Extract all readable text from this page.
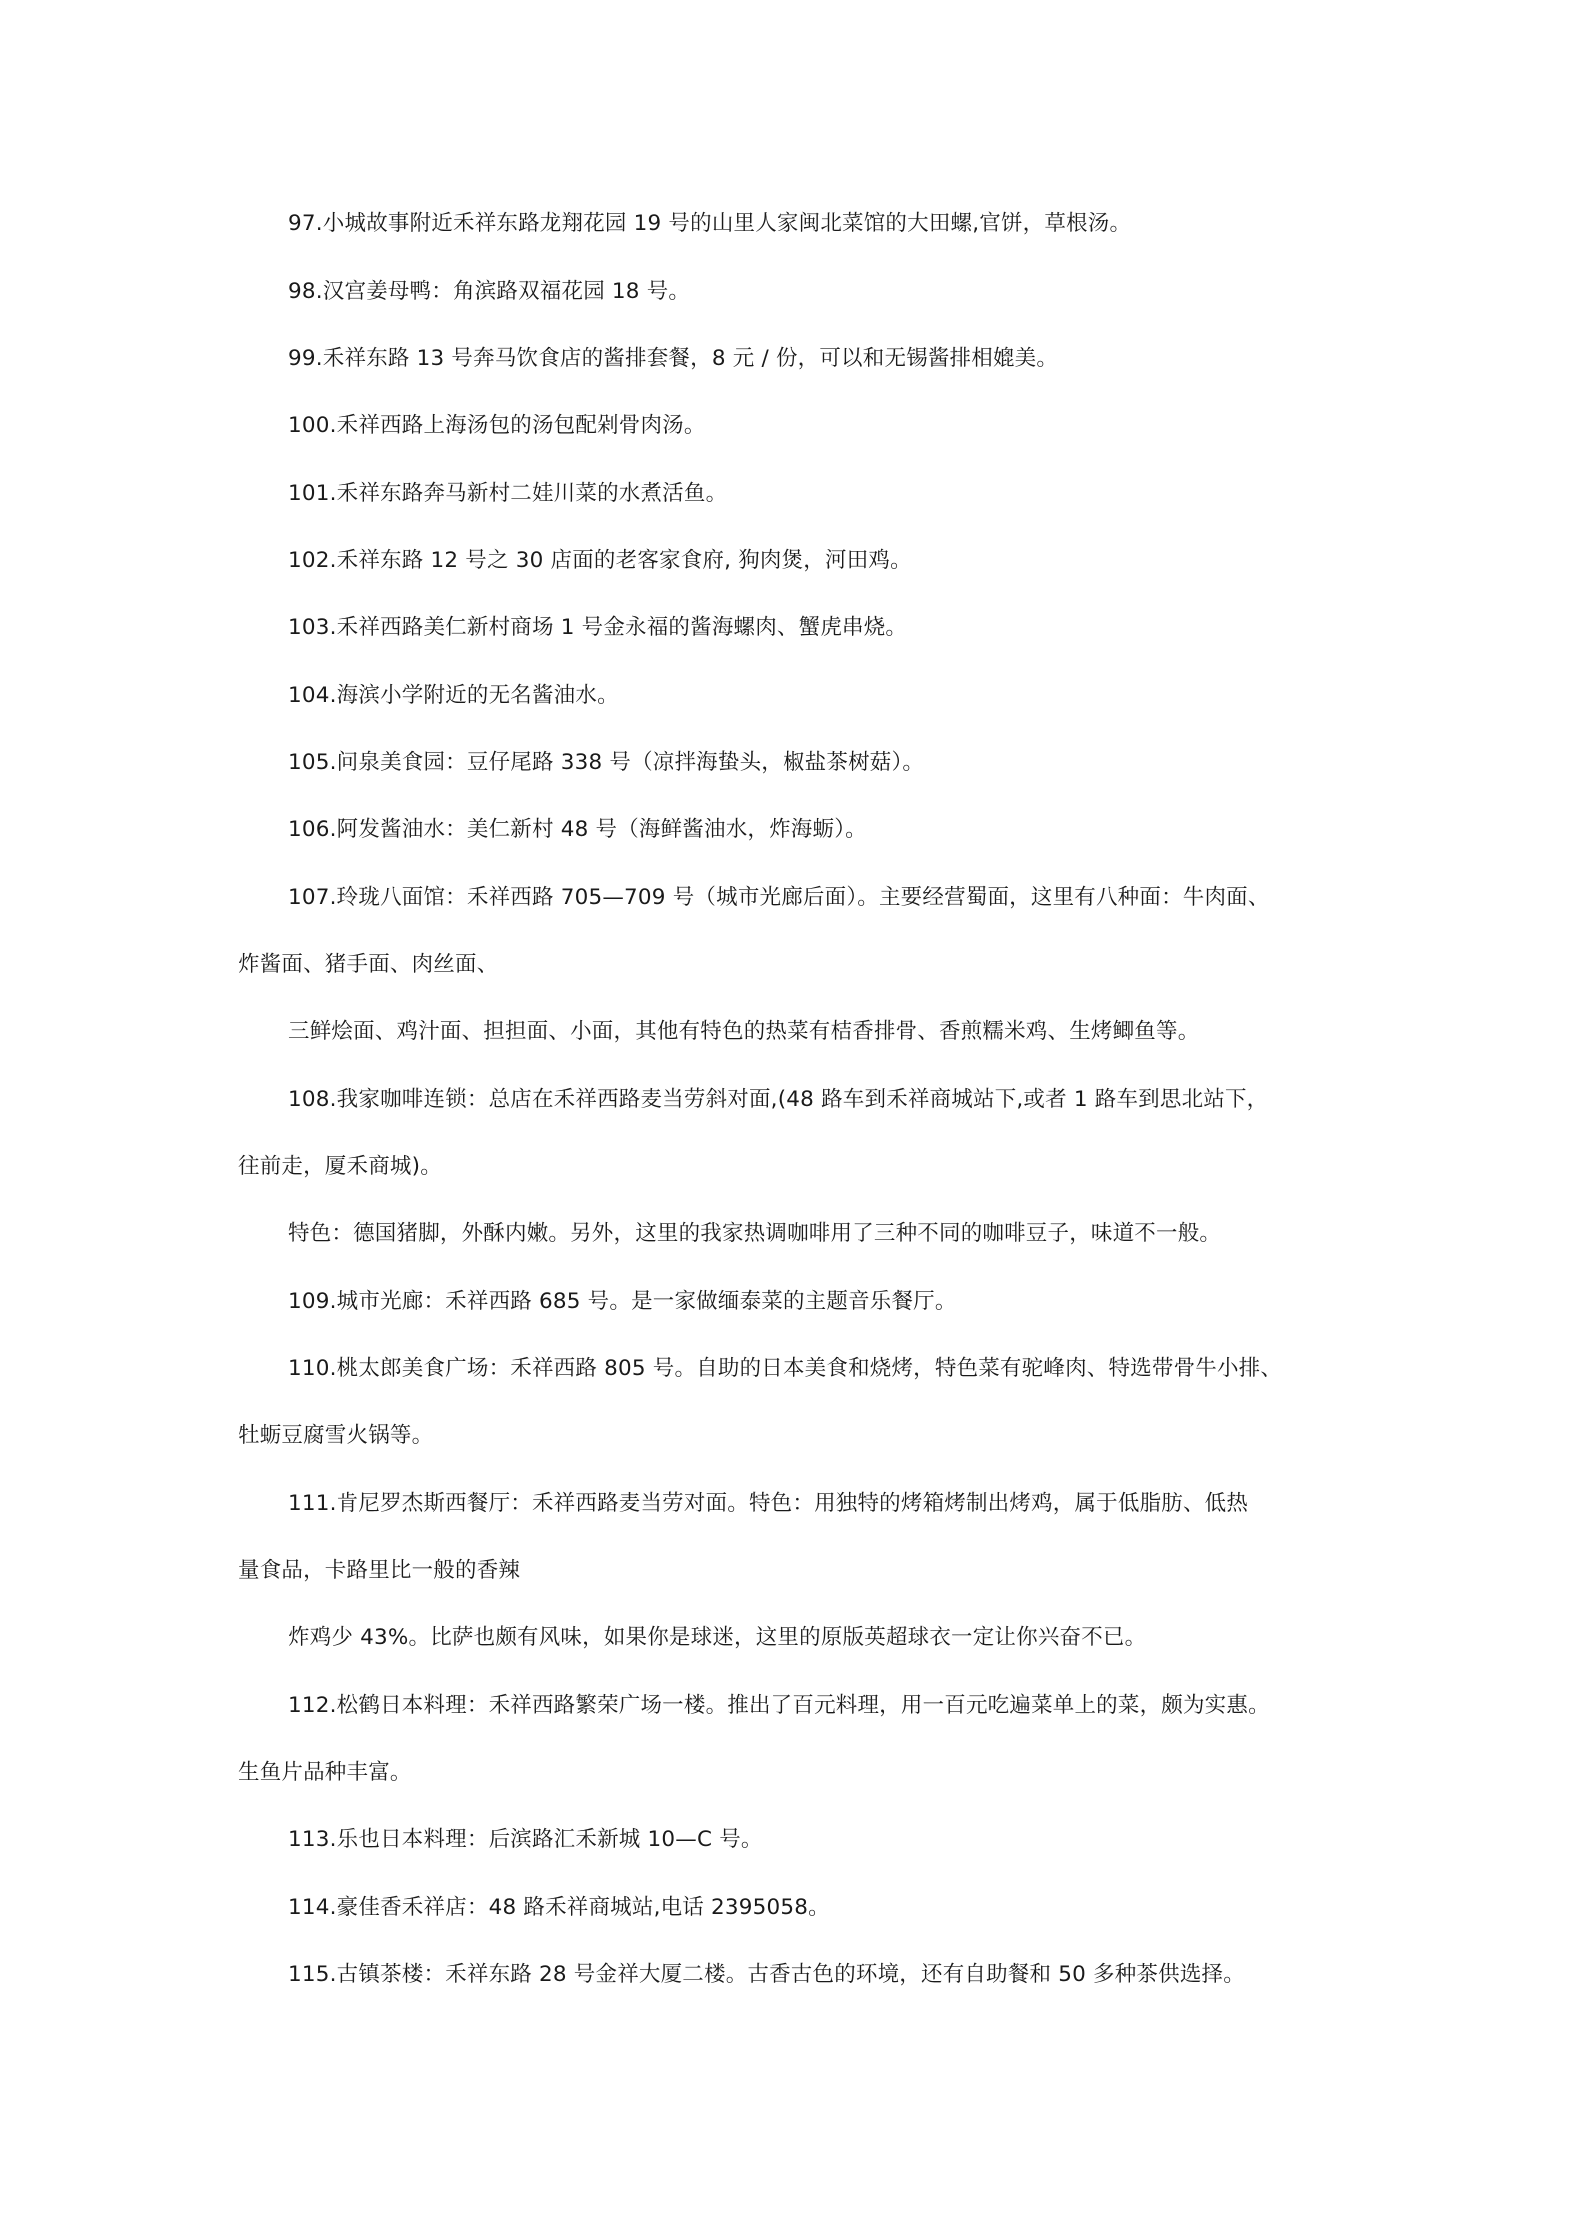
97.小城故事附近禾祥东路龙翔花园 19 号的山里人家闽北菜馆的大田螺,官饼，草根汤。
98.汉宫姜母鸭：角滨路双福花园 18 号。
99.禾祥东路 13 号奔马饮食店的酱排套餐，8 元 / 份，可以和无锡酱排相媲美。
100.禾祥西路上海汤包的汤包配剁骨肉汤。
101.禾祥东路奔马新村二娃川菜的水煮活鱼。
102.禾祥东路 12 号之 30 店面的老客家食府, 狗肉煲，河田鸡。
103.禾祥西路美仁新村商场 1 号金永福的酱海螺肉、蟹虎串烧。
104.海滨小学附近的无名酱油水。
105.问泉美食园：豆仔尾路 338 号（凉拌海蛰头，椒盐茶树菇）。
106.阿发酱油水：美仁新村 48 号（海鲜酱油水，炸海蛎）。
107.玲珑八面馆：禾祥西路 705—709 号（城市光廊后面）。主要经营蜀面，这里有八种面：牛肉面、
炸酱面、猪手面、肉丝面、
三鲜烩面、鸡汁面、担担面、小面，其他有特色的热菜有桔香排骨、香煎糯米鸡、生烤鲫鱼等。
108.我家咖啡连锁：总店在禾祥西路麦当劳斜对面,(48 路车到禾祥商城站下,或者 1 路车到思北站下，
往前走，厦禾商城)。
特色：德国猪脚，外酥内嫩。另外，这里的我家热调咖啡用了三种不同的咖啡豆子，味道不一般。
109.城市光廊：禾祥西路 685 号。是一家做缅泰菜的主题音乐餐厅。
110.桃太郎美食广场：禾祥西路 805 号。自助的日本美食和烧烤，特色菜有驼峰肉、特选带骨牛小排、
牡蛎豆腐雪火锅等。
111.肯尼罗杰斯西餐厅：禾祥西路麦当劳对面。特色：用独特的烤箱烤制出烤鸡，属于低脂肪、低热
量食品，卡路里比一般的香辣
炸鸡少 43%。比萨也颇有风味，如果你是球迷，这里的原版英超球衣一定让你兴奋不已。
112.松鹤日本料理：禾祥西路繁荣广场一楼。推出了百元料理，用一百元吃遍菜单上的菜，颇为实惠。
生鱼片品种丰富。
113.乐也日本料理：后滨路汇禾新城 10—C 号。
114.豪佳香禾祥店：48 路禾祥商城站,电话 2395058。
115.古镇茶楼：禾祥东路 28 号金祥大厦二楼。古香古色的环境，还有自助餐和 50 多种茶供选择。
